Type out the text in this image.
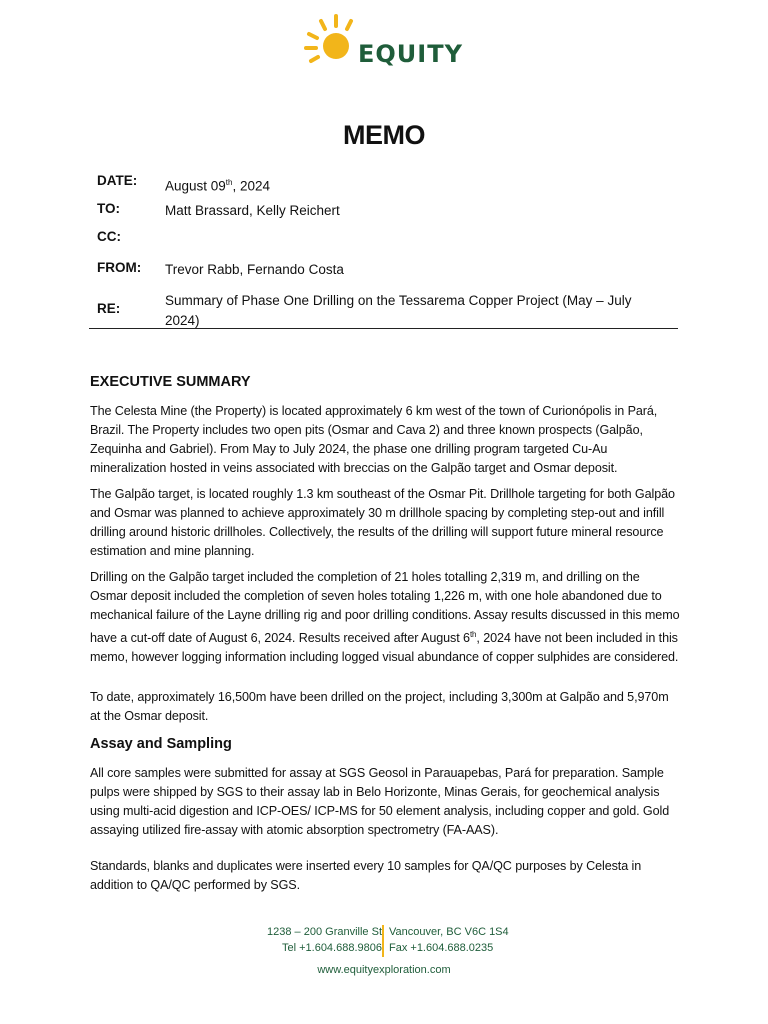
EQUITY
MEMO
DATE: August 09th, 2024
TO:	Matt Brassard, Kelly Reichert
CC:
FROM: Trevor Rabb, Fernando Costa
RE:
Summary of Phase One Drilling on the Tessarema Copper Project (May – July
2024)
EXECUTIVE SUMMARY
The Celesta Mine (the Property) is located approximately 6 km west of the town of Curionópolis in Pará, Brazil. The Property includes two open pits (Osmar and Cava 2) and three known prospects (Galpão, Zequinha and Gabriel). From May to July 2024, the phase one drilling program targeted Cu-Au mineralization hosted in veins associated with breccias on the Galpão target and Osmar deposit.
The Galpão target, is located roughly 1.3 km southeast of the Osmar Pit. Drillhole targeting for both Galpão and Osmar was planned to achieve approximately 30 m drillhole spacing by completing step-out and infill drilling around historic drillholes. Collectively, the results of the drilling will support future mineral resource estimation and mine planning.
Drilling on the Galpão target included the completion of 21 holes totalling 2,319 m, and drilling on the Osmar deposit included the completion of seven holes totaling 1,226 m, with one hole abandoned due to mechanical failure of the Layne drilling rig and poor drilling conditions. Assay results discussed in this memo have a cut-off date of August 6, 2024. Results received after August 6th, 2024 have not been included in this memo, however logging information including logged visual abundance of copper sulphides are considered.
To date, approximately 16,500m have been drilled on the project, including 3,300m at Galpão and 5,970m at the Osmar deposit.
Assay and Sampling
All core samples were submitted for assay at SGS Geosol in Parauapebas, Pará for preparation. Sample pulps were shipped by SGS to their assay lab in Belo Horizonte, Minas Gerais, for geochemical analysis using multi-acid digestion and ICP-OES/ ICP-MS for 50 element analysis, including copper and gold. Gold assaying utilized fire-assay with atomic absorption spectrometry (FA-AAS).
Standards, blanks and duplicates were inserted every 10 samples for QA/QC purposes by Celesta in addition to QA/QC performed by SGS.
1238 – 200 Granville St Vancouver, BC V6C 1S4
Tel +1.604.688.9806 Fax +1.604.688.0235
www.equityexploration.com
